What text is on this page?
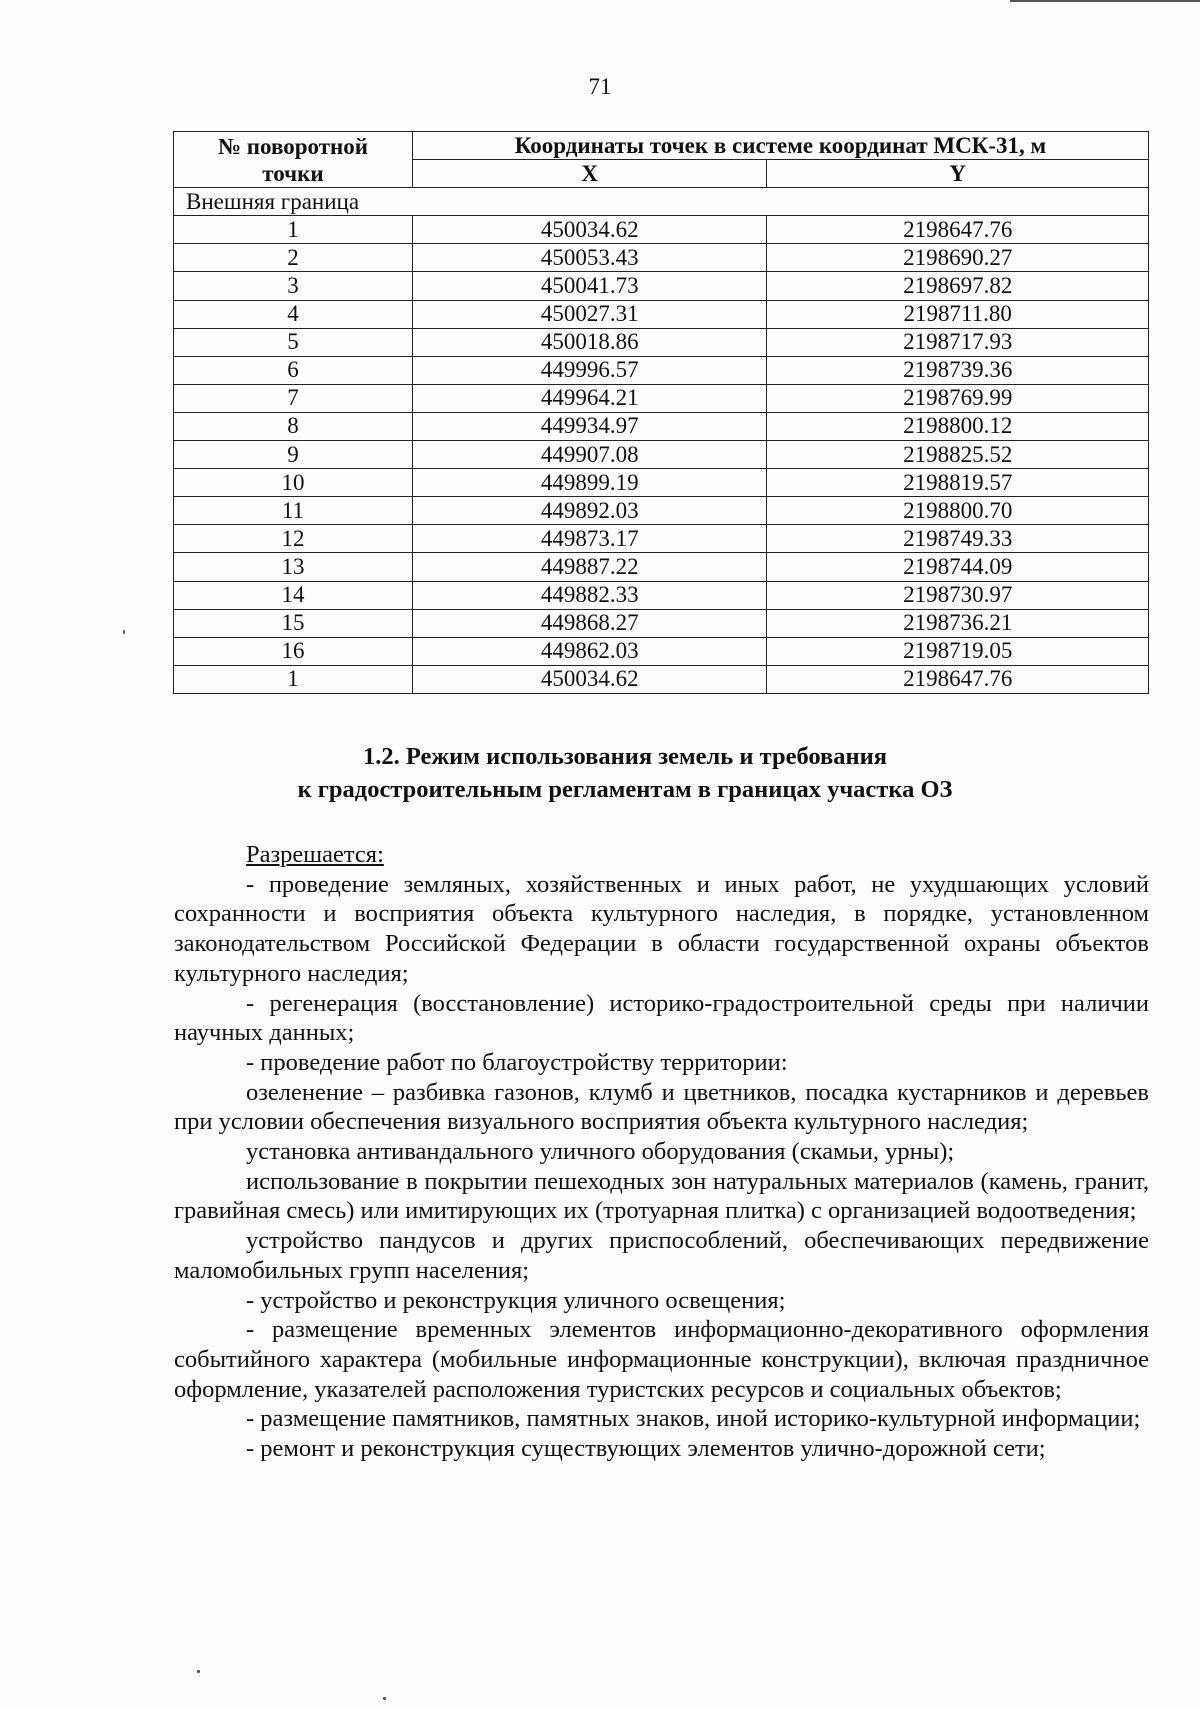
71
№ поворотной точки	Координаты точек в системе координат МСК-31, м	
	X	Y
Внешняя граница		
1	450034.62	2198647.76
2	450053.43	2198690.27
3	450041.73	2198697.82
4	450027.31	2198711.80
5	450018.86	2198717.93
6	449996.57	2198739.36
7	449964.21	2198769.99
8	449934.97	2198800.12
9	449907.08	2198825.52
10	449899.19	2198819.57
11	449892.03	2198800.70
12	449873.17	2198749.33
13	449887.22	2198744.09
14	449882.33	2198730.97
15	449868.27	2198736.21
16	449862.03	2198719.05
1	450034.62	2198647.76
1.2. Режим использования земель и требования
к градостроительным регламентам в границах участка ОЗ

Разрешается:

- проведение земляных, хозяйственных и иных работ, не ухудшающих условий сохранности и восприятия объекта культурного наследия, в порядке, установленном законодательством Российской Федерации в области государственной охраны объектов культурного наследия;

- регенерация (восстановление) историко-градостроительной среды при наличии научных данных;

- проведение работ по благоустройству территории:

озеленение – разбивка газонов, клумб и цветников, посадка кустарников и деревьев при условии обеспечения визуального восприятия объекта культурного наследия;

установка антивандального уличного оборудования (скамьи, урны);

использование в покрытии пешеходных зон натуральных материалов (камень, гранит, гравийная смесь) или имитирующих их (тротуарная плитка) с организацией водоотведения;

устройство пандусов и других приспособлений, обеспечивающих передвижение маломобильных групп населения;

- устройство и реконструкция уличного освещения;

- размещение временных элементов информационно-декоративного оформления событийного характера (мобильные информационные конструкции), включая праздничное оформление, указателей расположения туристских ресурсов и социальных объектов;

- размещение памятников, памятных знаков, иной историко-культурной информации;

- ремонт и реконструкция существующих элементов улично-дорожной сети;
